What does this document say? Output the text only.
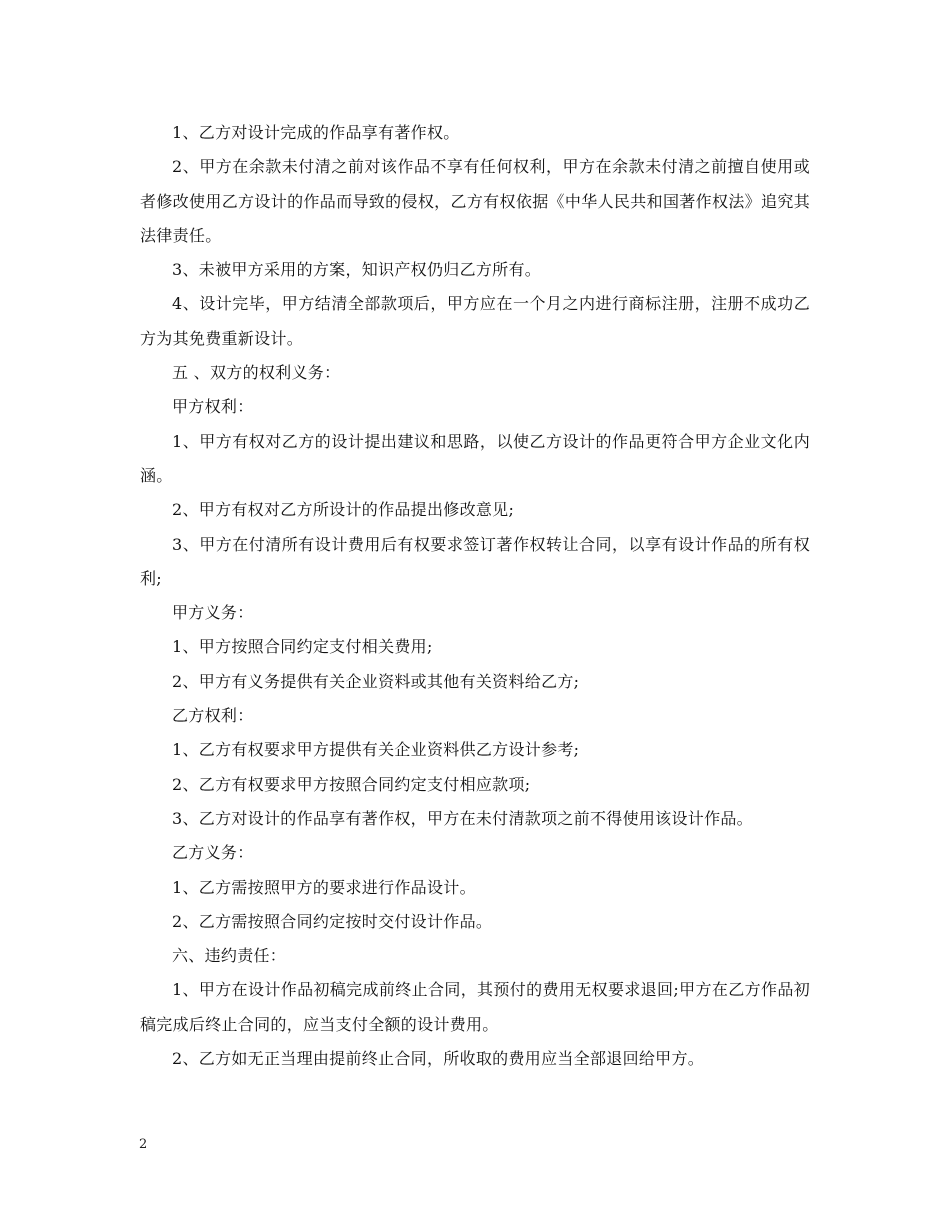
1、乙方对设计完成的作品享有著作权。

2、甲方在余款未付清之前对该作品不享有任何权利，甲方在余款未付清之前擅自使用或者修改使用乙方设计的作品而导致的侵权，乙方有权依据《中华人民共和国著作权法》追究其法律责任。

3、未被甲方采用的方案，知识产权仍归乙方所有。

4、设计完毕，甲方结清全部款项后，甲方应在一个月之内进行商标注册，注册不成功乙方为其免费重新设计。

五 、双方的权利义务：

甲方权利：

1、甲方有权对乙方的设计提出建议和思路，以使乙方设计的作品更符合甲方企业文化内涵。

2、甲方有权对乙方所设计的作品提出修改意见;

3、甲方在付清所有设计费用后有权要求签订著作权转让合同，以享有设计作品的所有权利;

甲方义务：

1、甲方按照合同约定支付相关费用;

2、甲方有义务提供有关企业资料或其他有关资料给乙方;

乙方权利：

1、乙方有权要求甲方提供有关企业资料供乙方设计参考;

2、乙方有权要求甲方按照合同约定支付相应款项;

3、乙方对设计的作品享有著作权，甲方在未付清款项之前不得使用该设计作品。

乙方义务：

1、乙方需按照甲方的要求进行作品设计。

2、乙方需按照合同约定按时交付设计作品。

六、违约责任：

1、甲方在设计作品初稿完成前终止合同，其预付的费用无权要求退回;甲方在乙方作品初稿完成后终止合同的，应当支付全额的设计费用。

2、乙方如无正当理由提前终止合同，所收取的费用应当全部退回给甲方。

2
